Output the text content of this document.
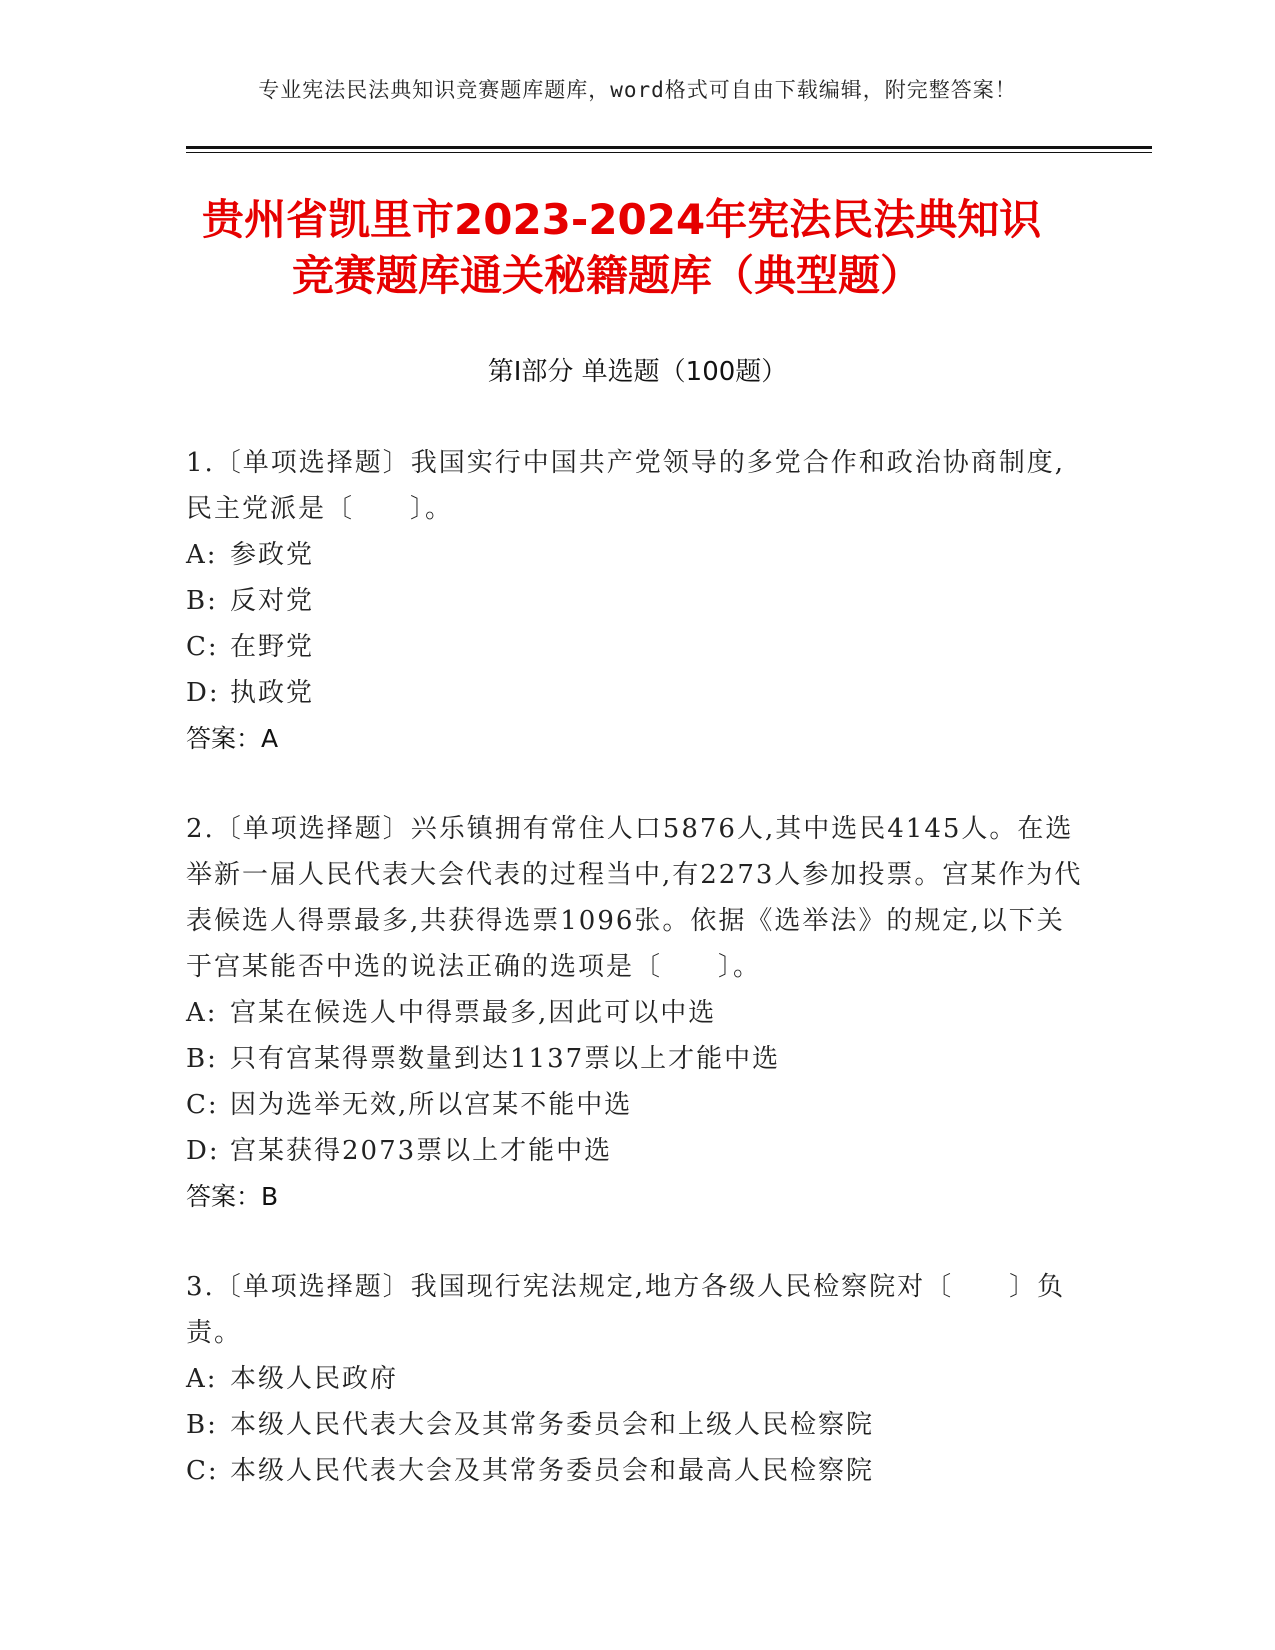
专业宪法民法典知识竞赛题库题库，word格式可自由下载编辑，附完整答案！
贵州省凯里市2023-2024年宪法民法典知识
竞赛题库通关秘籍题库（典型题）
第Ⅰ部分 单选题（100题）
1.〔单项选择题〕我国实行中国共产党领导的多党合作和政治协商制度,民主党派是〔　　〕。
A: 参政党
B: 反对党
C: 在野党
D: 执政党
答案：A
2.〔单项选择题〕兴乐镇拥有常住人口5876人,其中选民4145人。在选举新一届人民代表大会代表的过程当中,有2273人参加投票。宫某作为代表候选人得票最多,共获得选票1096张。依据《选举法》的规定,以下关于宫某能否中选的说法正确的选项是〔　　〕。
A: 宫某在候选人中得票最多,因此可以中选
B: 只有宫某得票数量到达1137票以上才能中选
C: 因为选举无效,所以宫某不能中选
D: 宫某获得2073票以上才能中选
答案：B
3.〔单项选择题〕我国现行宪法规定,地方各级人民检察院对〔　　〕负责。
A: 本级人民政府
B: 本级人民代表大会及其常务委员会和上级人民检察院
C: 本级人民代表大会及其常务委员会和最高人民检察院
